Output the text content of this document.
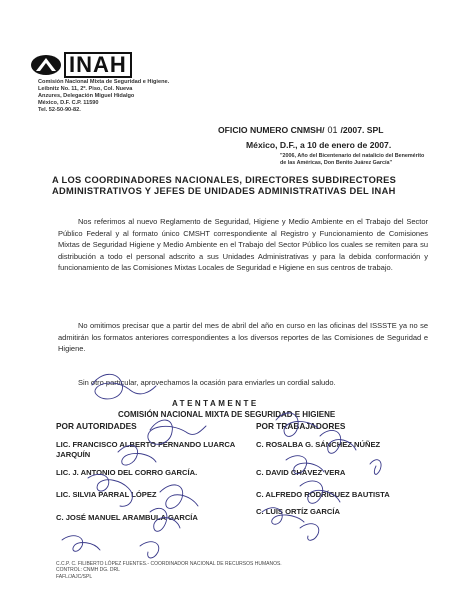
INAH
Comisión Nacional Mixta de Seguridad e Higiene.
Leibnitz No. 11, 2º. Piso, Col. Nueva
Anzures, Delegación Miguel Hidalgo
México, D.F. C.P. 11590
Tel. 52-50-90-82.
OFICIO NUMERO CNMSH/ 01 /2007. SPL
México, D.F., a 10 de enero de 2007.
"2006, Año del Bicentenario del natalicio del Benemérito de las Américas, Don Benito Juárez García"
A LOS COORDINADORES NACIONALES, DIRECTORES SUBDIRECTORES ADMINISTRATIVOS Y JEFES DE UNIDADES ADMINISTRATIVAS DEL INAH
Nos referimos al nuevo Reglamento de Seguridad, Higiene y Medio Ambiente en el Trabajo del Sector Público Federal y al formato único CMSHT correspondiente al Registro y Funcionamiento de Comisiones Mixtas de Seguridad Higiene y Medio Ambiente en el Trabajo del Sector Público los cuales se remiten para su distribución a todo el personal adscrito a sus Unidades Administrativas y para la debida conformación y funcionamiento de las Comisiones Mixtas Locales de Seguridad e Higiene en sus centros de trabajo.
No omitimos precisar que a partir del mes de abril del año en curso en las oficinas del ISSSTE ya no se admitirán los formatos anteriores correspondientes a los diversos reportes de las Comisiones de Seguridad e Higiene.
Sin otro particular, aprovechamos la ocasión para enviarles un cordial saludo.
ATENTAMENTE
COMISIÓN NACIONAL MIXTA DE SEGURIDAD E HIGIENE
POR AUTORIDADES	POR TRABAJADORES
LIC. FRANCISCO ALBERTO FERNANDO LUARCA JARQUÍN
LIC. J. ANTONIO DEL CORRO GARCÍA.
LIC. SILVIA PARRAL LÓPEZ
C. JOSÉ MANUEL ARAMBULA GARCÍA
C. ROSALBA G. SÁNCHEZ NÚÑEZ
C. DAVID CHÁVEZ VERA
C. ALFREDO RODRÍGUEZ BAUTISTA
C. LUIS ORTÍZ GARCÍA
C.C.P. C. FILIBERTO LÓPEZ FUENTES.- COORDINADOR NACIONAL DE RECURSOS HUMANOS.
CONTROL: CNMH DG. DRL
FAFL/JAJC/SPL
